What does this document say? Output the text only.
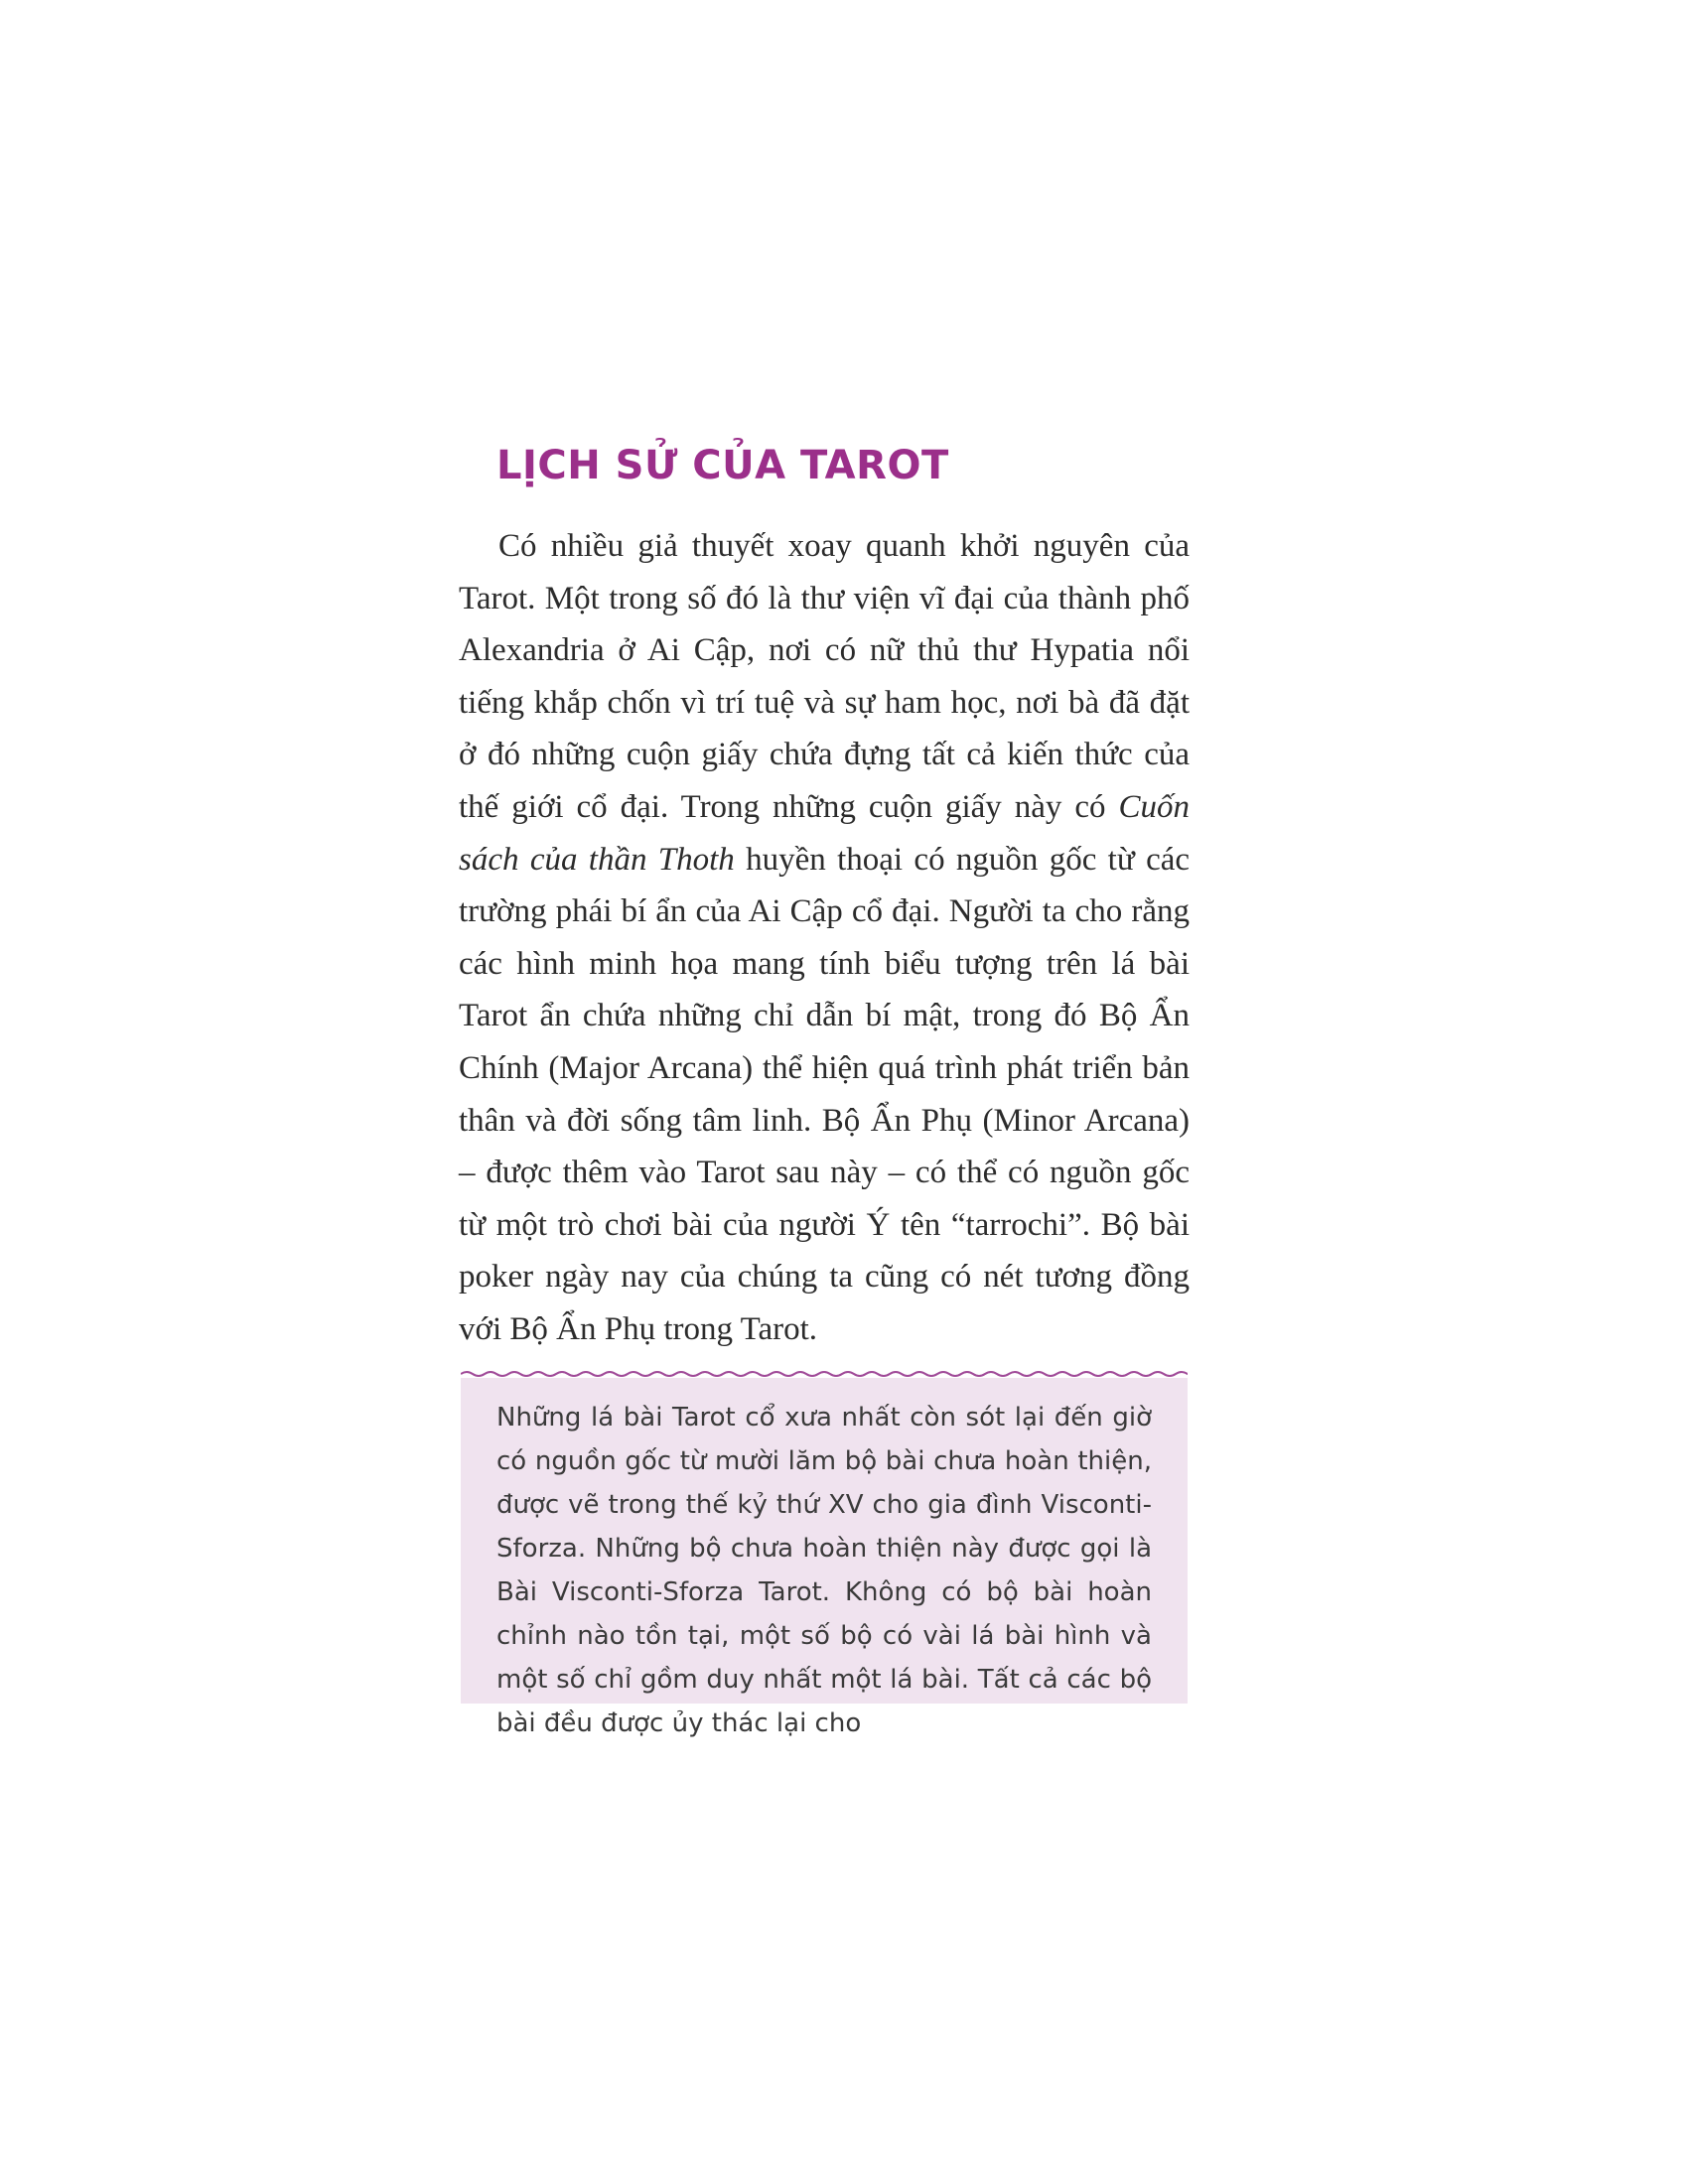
LỊCH SỬ CỦA TAROT

Có nhiều giả thuyết xoay quanh khởi nguyên của Tarot. Một trong số đó là thư viện vĩ đại của thành phố Alexandria ở Ai Cập, nơi có nữ thủ thư Hypatia nổi tiếng khắp chốn vì trí tuệ và sự ham học, nơi bà đã đặt ở đó những cuộn giấy chứa đựng tất cả kiến thức của thế giới cổ đại. Trong những cuộn giấy này có Cuốn sách của thần Thoth huyền thoại có nguồn gốc từ các trường phái bí ẩn của Ai Cập cổ đại. Người ta cho rằng các hình minh họa mang tính biểu tượng trên lá bài Tarot ẩn chứa những chỉ dẫn bí mật, trong đó Bộ Ẩn Chính (Major Arcana) thể hiện quá trình phát triển bản thân và đời sống tâm linh. Bộ Ẩn Phụ (Minor Arcana) – được thêm vào Tarot sau này – có thể có nguồn gốc từ một trò chơi bài của người Ý tên “tarrochi”. Bộ bài poker ngày nay của chúng ta cũng có nét tương đồng với Bộ Ẩn Phụ trong Tarot.

Những lá bài Tarot cổ xưa nhất còn sót lại đến giờ có nguồn gốc từ mười lăm bộ bài chưa hoàn thiện, được vẽ trong thế kỷ thứ XV cho gia đình Visconti-Sforza. Những bộ chưa hoàn thiện này được gọi là Bài Visconti-Sforza Tarot. Không có bộ bài hoàn chỉnh nào tồn tại, một số bộ có vài lá bài hình và một số chỉ gồm duy nhất một lá bài. Tất cả các bộ bài đều được ủy thác lại cho
